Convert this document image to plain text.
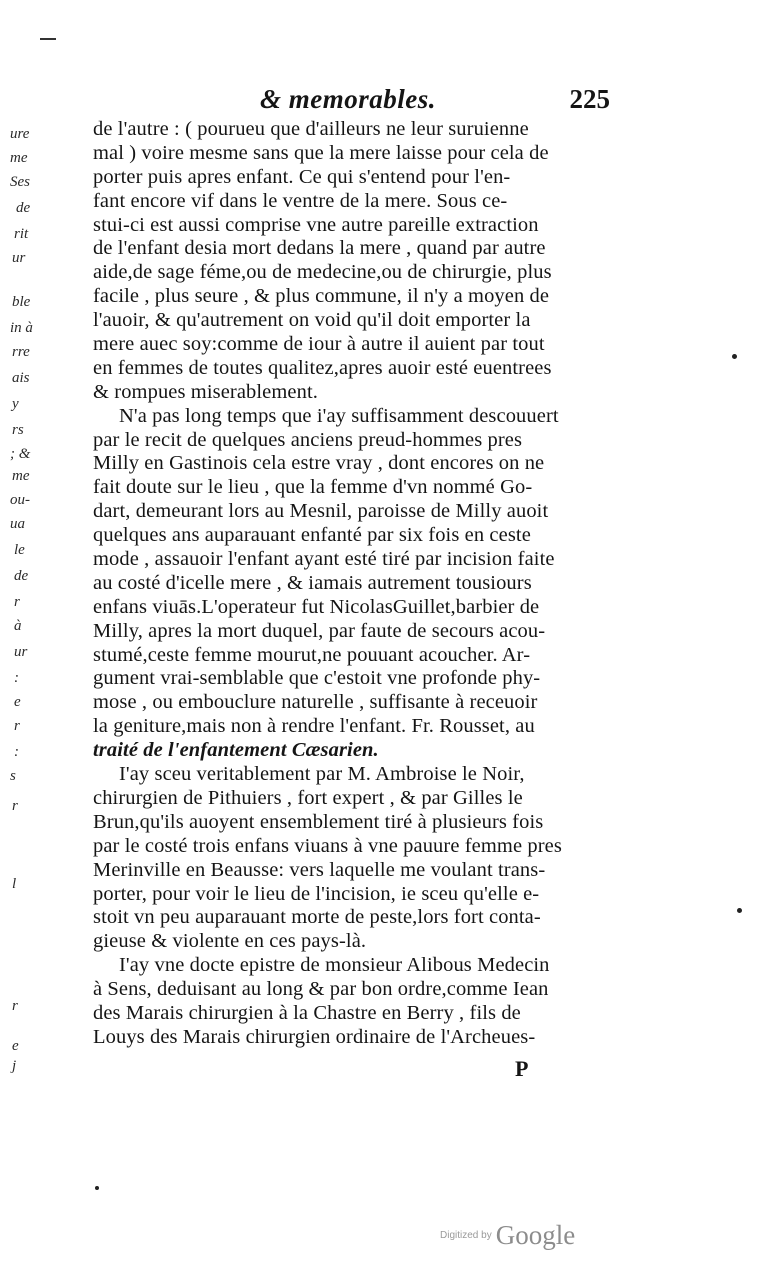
& memorables.	225
ure
me
Ses
de
rit
ur
ble
in à
rre
ais
y
rs
; &
me
ou-
ua
le
de
r
à
ur
:
e
r
:
s
r
l
r
e
j
de l'autre : ( pourueu que d'ailleurs ne leur suruienne
mal ) voire mesme sans que la mere laisse pour cela de
porter puis apres enfant. Ce qui s'entend pour l'en-
fant encore vif dans le ventre de la mere. Sous ce-
stui-ci est aussi comprise vne autre pareille extraction
de l'enfant desia mort dedans la mere , quand par autre
aide,de sage féme,ou de medecine,ou de chirurgie, plus
facile , plus seure , & plus commune, il n'y a moyen de
l'auoir, & qu'autrement on void qu'il doit emporter la
mere auec soy:comme de iour à autre il auient par tout
en femmes de toutes qualitez,apres auoir esté euentrees
& rompues miserablement.
N'a pas long temps que i'ay suffisamment descouuert
par le recit de quelques anciens preud-hommes pres
Milly en Gastinois cela estre vray , dont encores on ne
fait doute sur le lieu , que la femme d'vn nommé Go-
dart, demeurant lors au Mesnil, paroisse de Milly auoit
quelques ans auparauant enfanté par six fois en ceste
mode , assauoir l'enfant ayant esté tiré par incision faite
au costé d'icelle mere , & iamais autrement tousiours
enfans viuās.L'operateur fut NicolasGuillet,barbier de
Milly, apres la mort duquel, par faute de secours acou-
stumé,ceste femme mourut,ne pouuant acoucher. Ar-
gument vrai-semblable que c'estoit vne profonde phy-
mose , ou embouclure naturelle , suffisante à receuoir
la geniture,mais non à rendre l'enfant. Fr. Rousset, au
traité de l'enfantement Cæsarien.
I'ay sceu veritablement par M. Ambroise le Noir,
chirurgien de Pithuiers , fort expert , & par Gilles le
Brun,qu'ils auoyent ensemblement tiré à plusieurs fois
par le costé trois enfans viuans à vne pauure femme pres
Merinville en Beausse: vers laquelle me voulant trans-
porter, pour voir le lieu de l'incision, ie sceu qu'elle e-
stoit vn peu auparauant morte de peste,lors fort conta-
gieuse & violente en ces pays-là.
I'ay vne docte epistre de monsieur Alibous Medecin
à Sens, deduisant au long & par bon ordre,comme Iean
des Marais chirurgien à la Chastre en Berry , fils de
Louys des Marais chirurgien ordinaire de l'Archeues-
P
Digitized by Google
